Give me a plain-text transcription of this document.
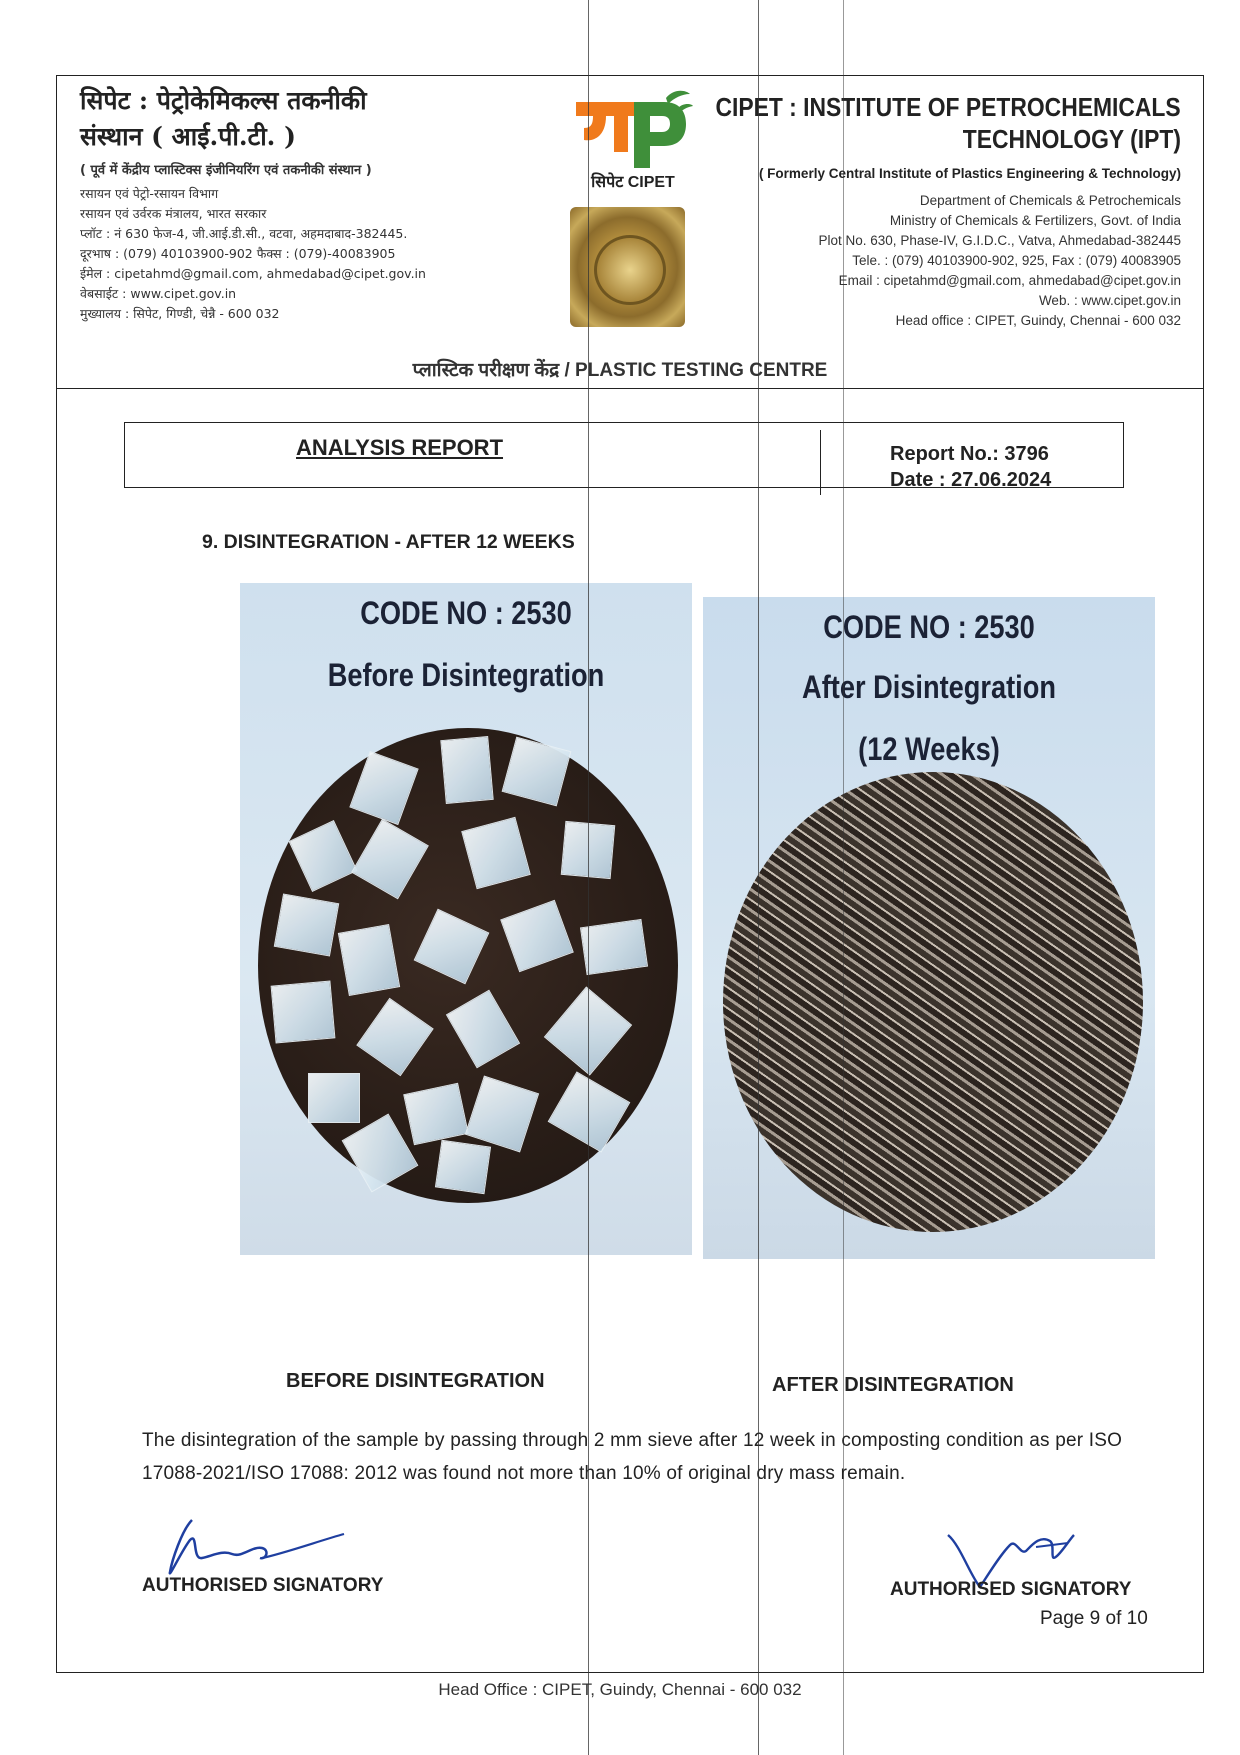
सिपेट : पेट्रोकेमिकल्स तकनीकी
संस्थान ( आई.पी.टी. )
( पूर्व में केंद्रीय प्लास्टिक्स इंजीनियरिंग एवं तकनीकी संस्थान )
रसायन एवं पेट्रो-रसायन विभाग
रसायन एवं उर्वरक मंत्रालय, भारत सरकार
प्लॉट : नं 630 फेज-4, जी.आई.डी.सी., वटवा, अहमदाबाद-382445.
दूरभाष : (079) 40103900-902 फैक्स : (079)-40083905
ईमेल : cipetahmd@gmail.com, ahmedabad@cipet.gov.in
वेबसाईट : www.cipet.gov.in
मुख्यालय : सिपेट, गिण्डी, चेन्नै - 600 032
सिपेट CIPET
CIPET : INSTITUTE OF PETROCHEMICALS
TECHNOLOGY (IPT)
( Formerly Central Institute of Plastics Engineering & Technology)
Department of Chemicals & Petrochemicals
Ministry of Chemicals & Fertilizers, Govt. of India
Plot No. 630, Phase-IV, G.I.D.C., Vatva, Ahmedabad-382445
Tele. : (079) 40103900-902, 925, Fax : (079) 40083905
Email : cipetahmd@gmail.com, ahmedabad@cipet.gov.in
Web. : www.cipet.gov.in
Head office : CIPET, Guindy, Chennai - 600 032
प्लास्टिक परीक्षण केंद्र / PLASTIC TESTING CENTRE
ANALYSIS REPORT	Report No.: 3796
Date : 27.06.2024
9. DISINTEGRATION - AFTER 12 WEEKS
CODE NO : 2530
Before Disintegration
CODE NO : 2530
After Disintegration
(12 Weeks)
BEFORE DISINTEGRATION	AFTER DISINTEGRATION
The disintegration of the sample by passing through 2 mm sieve after 12 week in composting condition as per ISO 17088-2021/ISO 17088: 2012 was found not more than 10% of original dry mass remain.
AUTHORISED SIGNATORY	AUTHORISED SIGNATORY
Page 9 of 10
Head Office : CIPET, Guindy, Chennai - 600 032
